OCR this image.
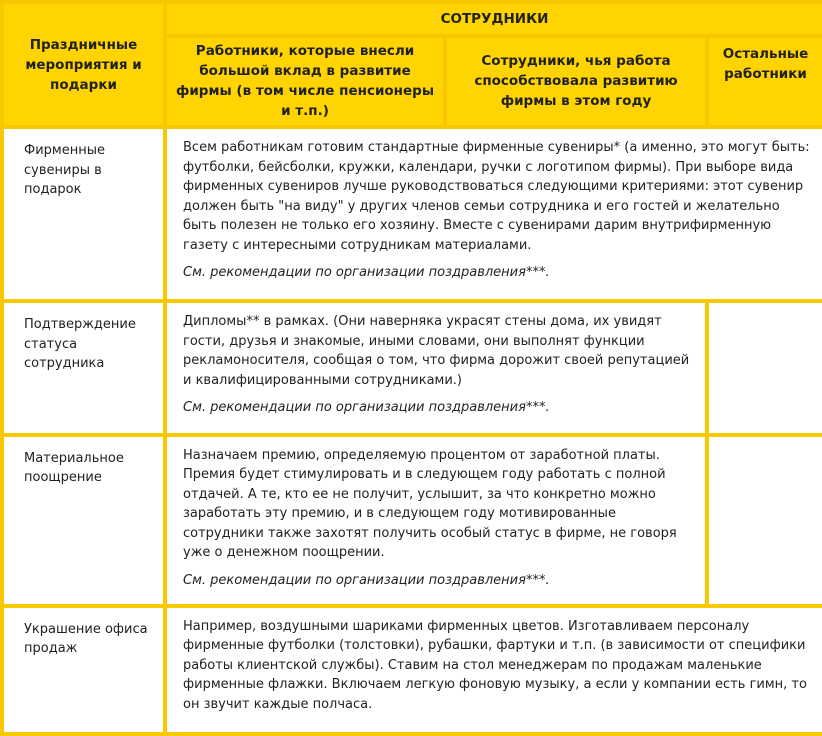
Праздничные мероприятия и подарки	СОТРУДНИКИ		
	Работники, которые внесли большой вклад в развитие фирмы (в том числе пенсионеры и т.п.)	Сотрудники, чья работа способствовала развитию фирмы в этом году	Остальные работники
Фирменные сувениры в подарок	Всем работникам готовим стандартные фирменные сувениры* (а именно, это могут быть: футболки, бейсболки, кружки, календари, ручки с логотипом фирмы). При выборе вида фирменных сувениров лучше руководствоваться следующими критериями: этот сувенир должен быть "на виду" у других членов семьи сотрудника и его гостей и желательно быть полезен не только его хозяину. Вместе с сувенирами дарим внутрифирменную газету с интересными сотрудникам материалами.

См. рекомендации по организации поздравления***.		

Подтверждение статуса сотрудника	Дипломы** в рамках. (Они наверняка украсят стены дома, их увидят гости, друзья и знакомые, иными словами, они выполнят функции рекламоносителя, сообщая о том, что фирма дорожит своей репутацией и квалифицированными сотрудниками.)

См. рекомендации по организации поздравления***.		

Материальное поощрение	Назначаем премию, определяемую процентом от заработной платы. Премия будет стимулировать и в следующем году работать с полной отдачей. А те, кто ее не получит, услышит, за что конкретно можно заработать эту премию, и в следующем году мотивированные сотрудники также захотят получить особый статус в фирме, не говоря уже о денежном поощрении.

См. рекомендации по организации поздравления***.		

Украшение офиса продаж	Например, воздушными шариками фирменных цветов. Изготавливаем персоналу фирменные футболки (толстовки), рубашки, фартуки и т.п. (в зависимости от специфики работы клиентской службы). Ставим на стол менеджерам по продажам маленькие фирменные флажки. Включаем легкую фоновую музыку, а если у компании есть гимн, то он звучит каждые полчаса.		
